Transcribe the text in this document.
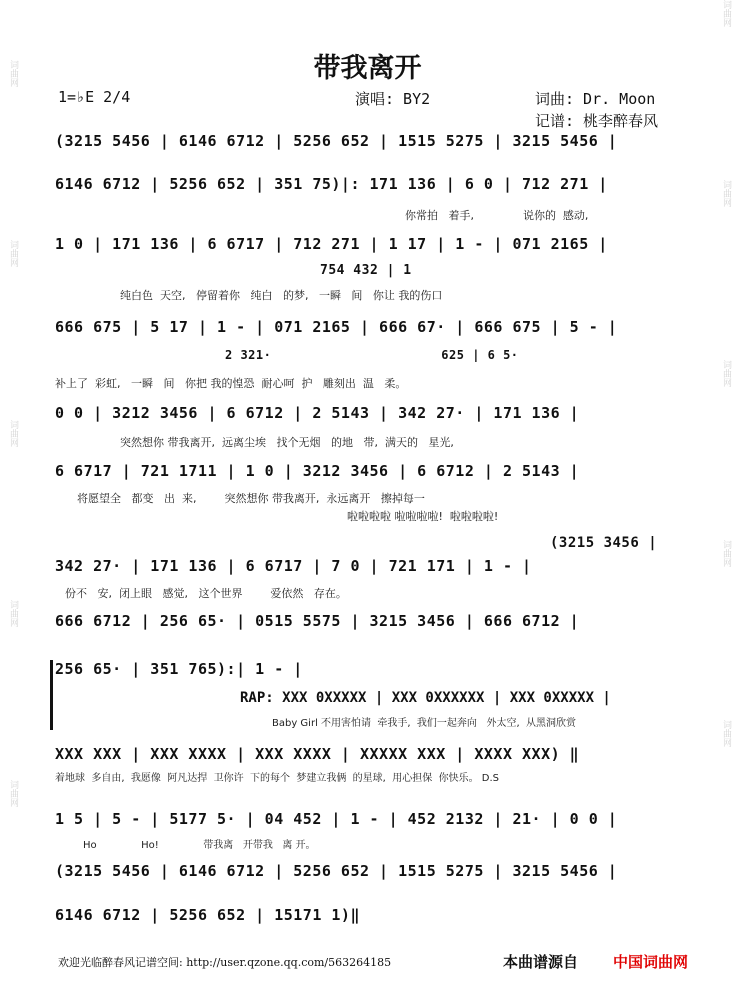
词曲网
词曲网
词曲网
词曲网
词曲网
词曲网
词曲网
词曲网
词曲网
词曲网
带我离开
1=♭E 2/4	演唱: BY2	词曲: Dr. Moon
记谱: 桃李醉春风
(3215 5456 | 6146 6712 | 5256 652 | 1515 5275 | 3215 5456 |
6146 6712 | 5256 652 | 351 75)|: 171 136 | 6 0 | 712 271 |
你常拍   着手,              说你的  感动,
1 0 | 171 136 | 6 6717 | 712 271 | 1 17 | 1 - | 071 2165 |
754 432 | 1
纯白色  天空,   停留着你   纯白   的梦,   一瞬   间   你让 我的伤口
666 675 | 5 17 | 1 - | 071 2165 | 666 67· | 666 675 | 5 - |
2 321·                      625 | 6 5·
补上了  彩虹,   一瞬   间   你把 我的惶恐  耐心呵  护   雕刻出  温   柔。
0 0 | 3212 3456 | 6 6712 | 2 5143 | 342 27· | 171 136 |
突然想你 带我离开,  远离尘埃   找个无烟   的地   带,  满天的   星光,
6 6717 | 721 1711 | 1 0 | 3212 3456 | 6 6712 | 2 5143 |
将愿望全   都变   出  来,        突然想你 带我离开,  永远离开   擦掉每一
啦啦啦啦 啦啦啦啦!  啦啦啦啦!
(3215 3456 |
342 27· | 171 136 | 6 6717 | 7 0 | 721 171 | 1 - |
份不   安,  闭上眼   感觉,   这个世界        爱依然   存在。
666 6712 | 256 65· | 0515 5575 | 3215 3456 | 666 6712 |
256 65· | 351 765):| 1 - |
RAP: XXX 0XXXXX | XXX 0XXXXXX | XXX 0XXXXX |
Baby Girl 不用害怕请  牵我手,  我们一起奔向   外太空,  从黑洞欣赏
XXX XXX | XXX XXXX | XXX XXXX | XXXXX XXX | XXXX XXX) ‖
着地球  多自由,  我愿像  阿凡达捍  卫你许  下的每个  梦建立我俩  的星球,  用心担保  你快乐。 D.S
1 5 | 5 - | 5177 5· | 04 452 | 1 - | 452 2132 | 21· | 0 0 |
Ho              Ho!              带我离   开带我   离 开。
(3215 5456 | 6146 6712 | 5256 652 | 1515 5275 | 3215 5456 |
6146 6712 | 5256 652 | 15171 1)‖
欢迎光临醉春风记谱空间: http://user.qzone.qq.com/563264185	本曲谱源自 中国词曲网
